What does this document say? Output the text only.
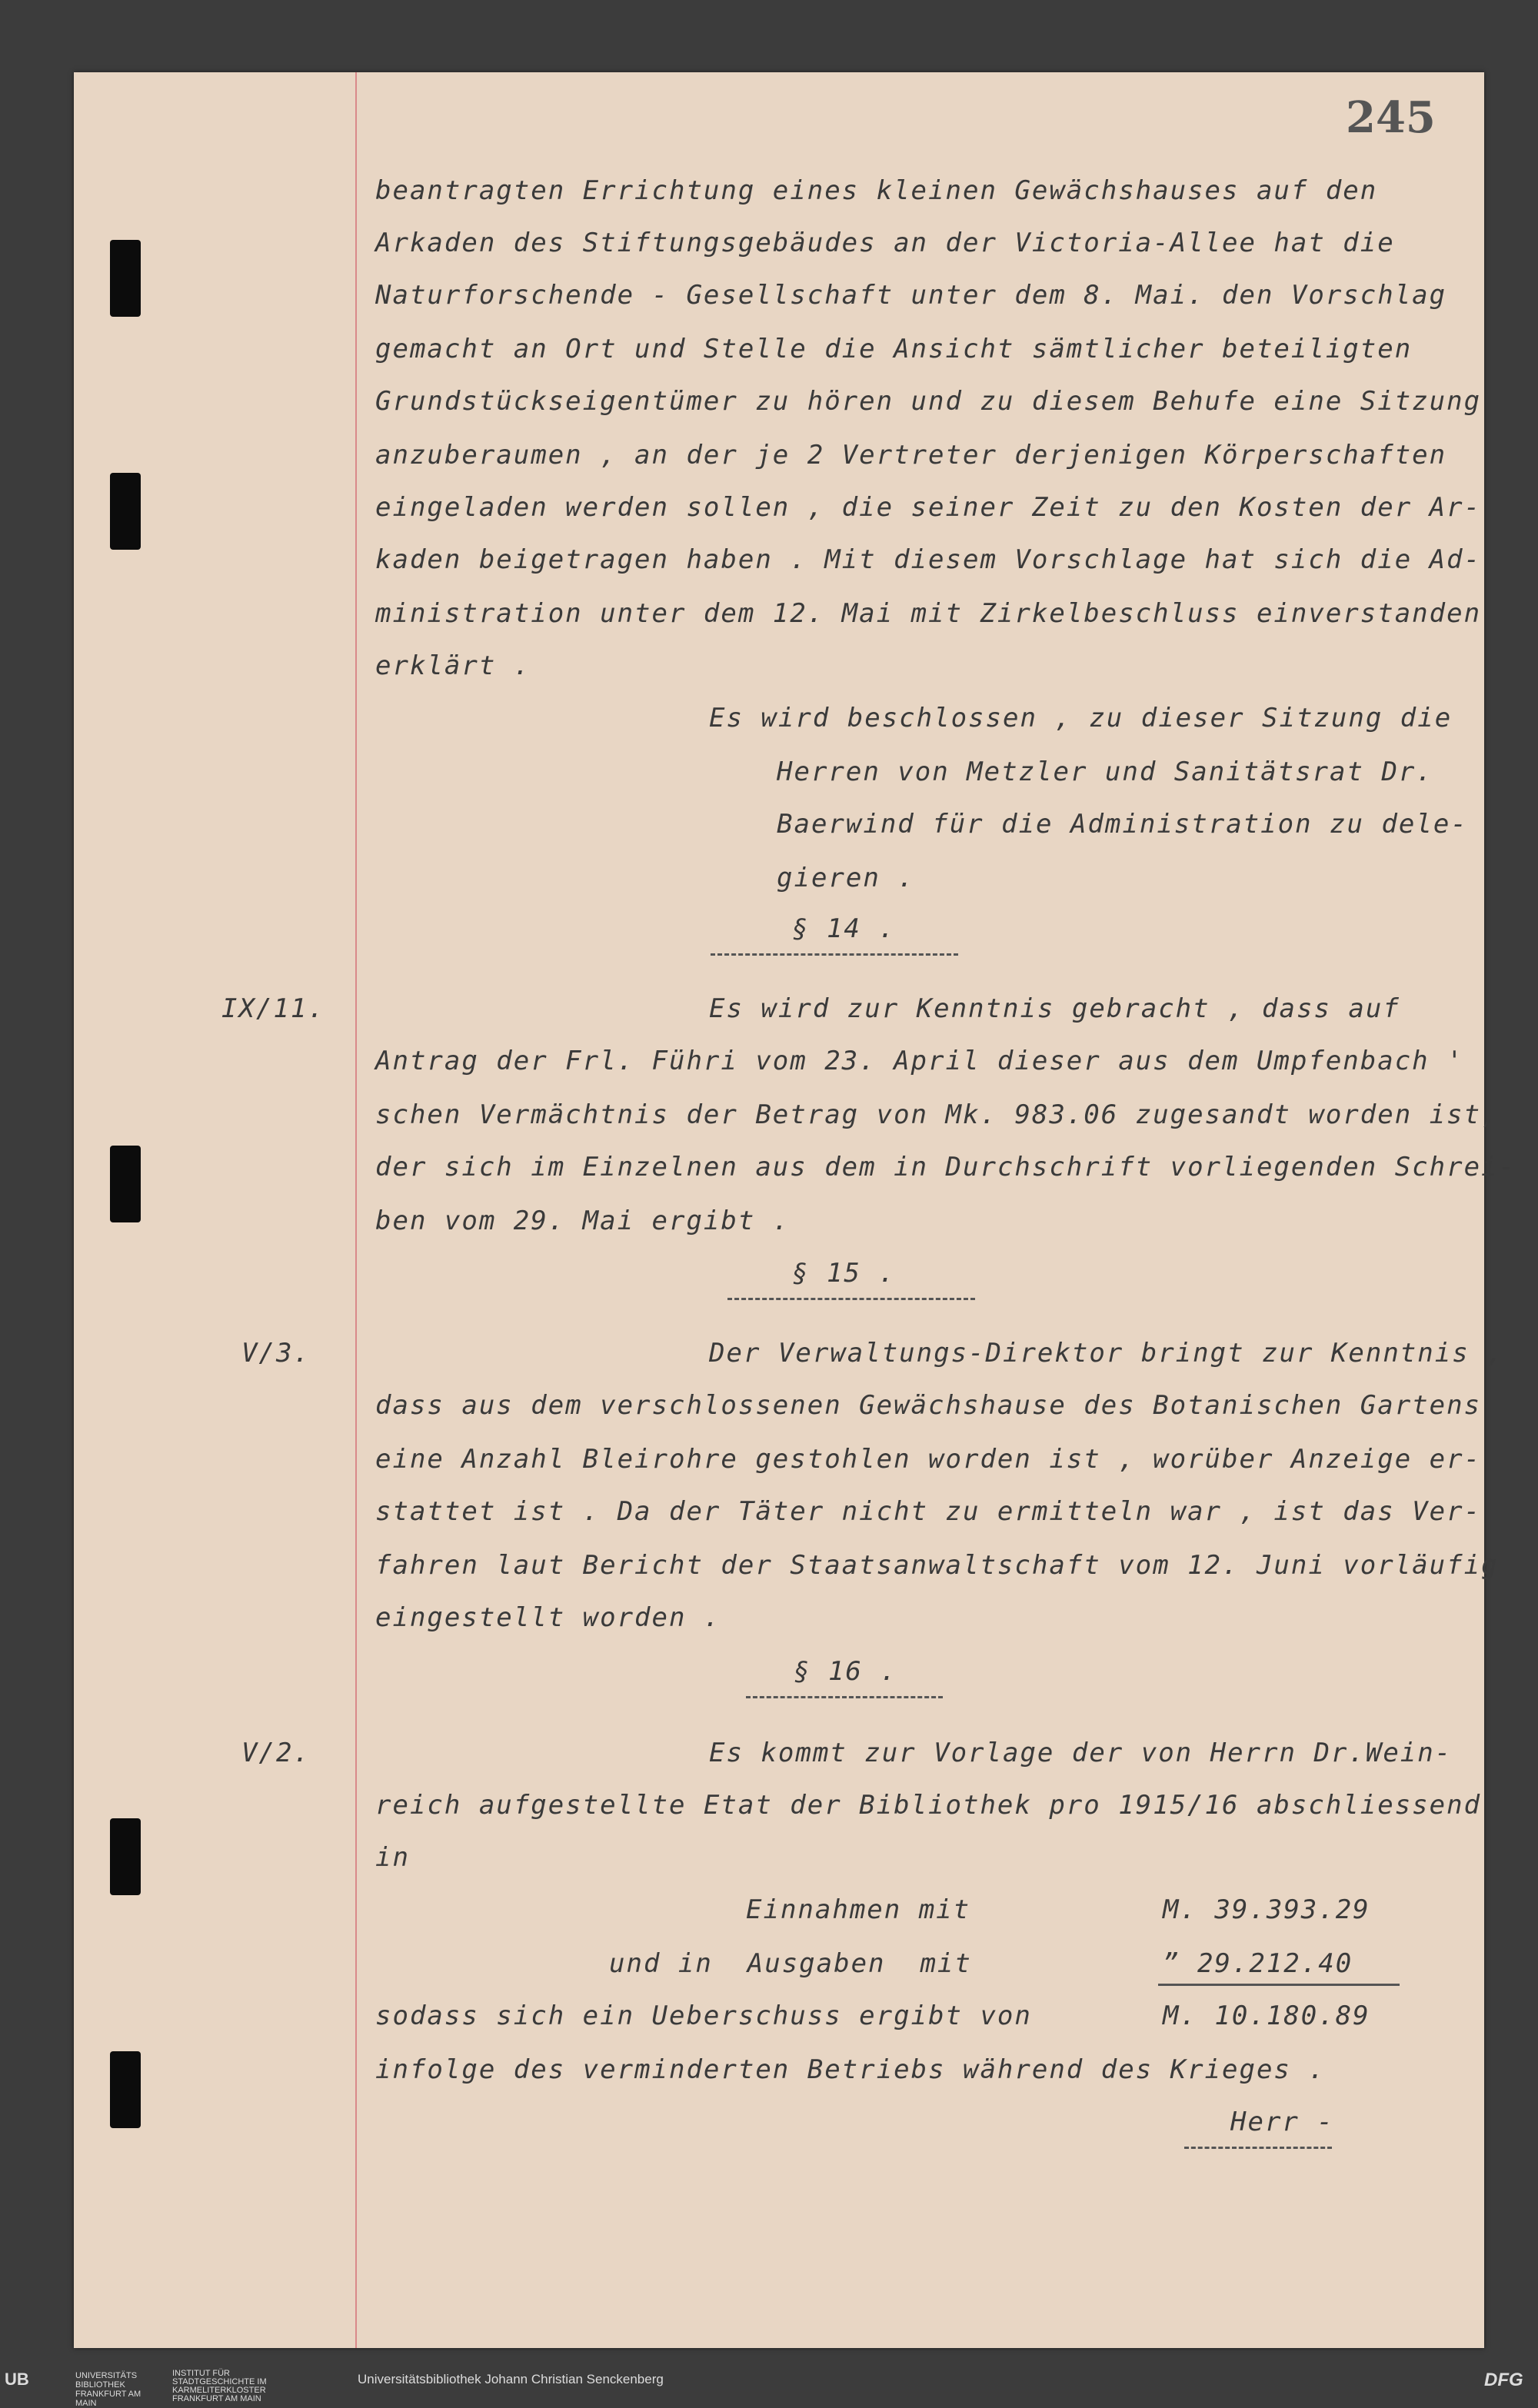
245
beantragten Errichtung eines kleinen Gewächshauses auf den
Arkaden des Stiftungsgebäudes an der Victoria-Allee hat die
Naturforschende - Gesellschaft unter dem 8. Mai. den Vorschlag
gemacht an Ort und Stelle die Ansicht sämtlicher beteiligten
Grundstückseigentümer zu hören und zu diesem Behufe eine Sitzung
anzuberaumen , an der je 2 Vertreter derjenigen Körperschaften
eingeladen werden sollen , die seiner Zeit zu den Kosten der Ar-
kaden beigetragen haben . Mit diesem Vorschlage hat sich die Ad-
ministration unter dem 12. Mai mit Zirkelbeschluss einverstanden
erklärt .
Es wird beschlossen , zu dieser Sitzung die
Herren von Metzler und Sanitätsrat Dr.
Baerwind für die Administration zu dele-
gieren .
§ 14 .
IX/11.	Es wird zur Kenntnis gebracht , dass auf
Antrag der Frl. Führi vom 23. April dieser aus dem Umpfenbach '
schen Vermächtnis der Betrag von Mk. 983.06 zugesandt worden ist,
der sich im Einzelnen aus dem in Durchschrift vorliegenden Schrei-
ben vom 29. Mai ergibt .
§ 15 .
V/3.	Der Verwaltungs-Direktor bringt zur Kenntnis ,
dass aus dem verschlossenen Gewächshause des Botanischen Gartens
eine Anzahl Bleirohre gestohlen worden ist , worüber Anzeige er-
stattet ist . Da der Täter nicht zu ermitteln war , ist das Ver-
fahren laut Bericht der Staatsanwaltschaft vom 12. Juni vorläufig
eingestellt worden .
§ 16 .
V/2.	Es kommt zur Vorlage der von Herrn Dr.Wein-
reich aufgestellte Etat der Bibliothek pro 1915/16 abschliessend
in
Einnahmen mit	M. 39.393.29
und in  Ausgaben  mit	” 29.212.40
sodass sich ein Ueberschuss ergibt von	M. 10.180.89
infolge des verminderten Betriebs während des Krieges .
Herr -
UB	UNIVERSITÄTS BIBLIOTHEK FRANKFURT AM MAIN
INSTITUT FÜR STADTGESCHICHTE IM KARMELITERKLOSTER FRANKFURT AM MAIN
Universitätsbibliothek Johann Christian Senckenberg	DFG
